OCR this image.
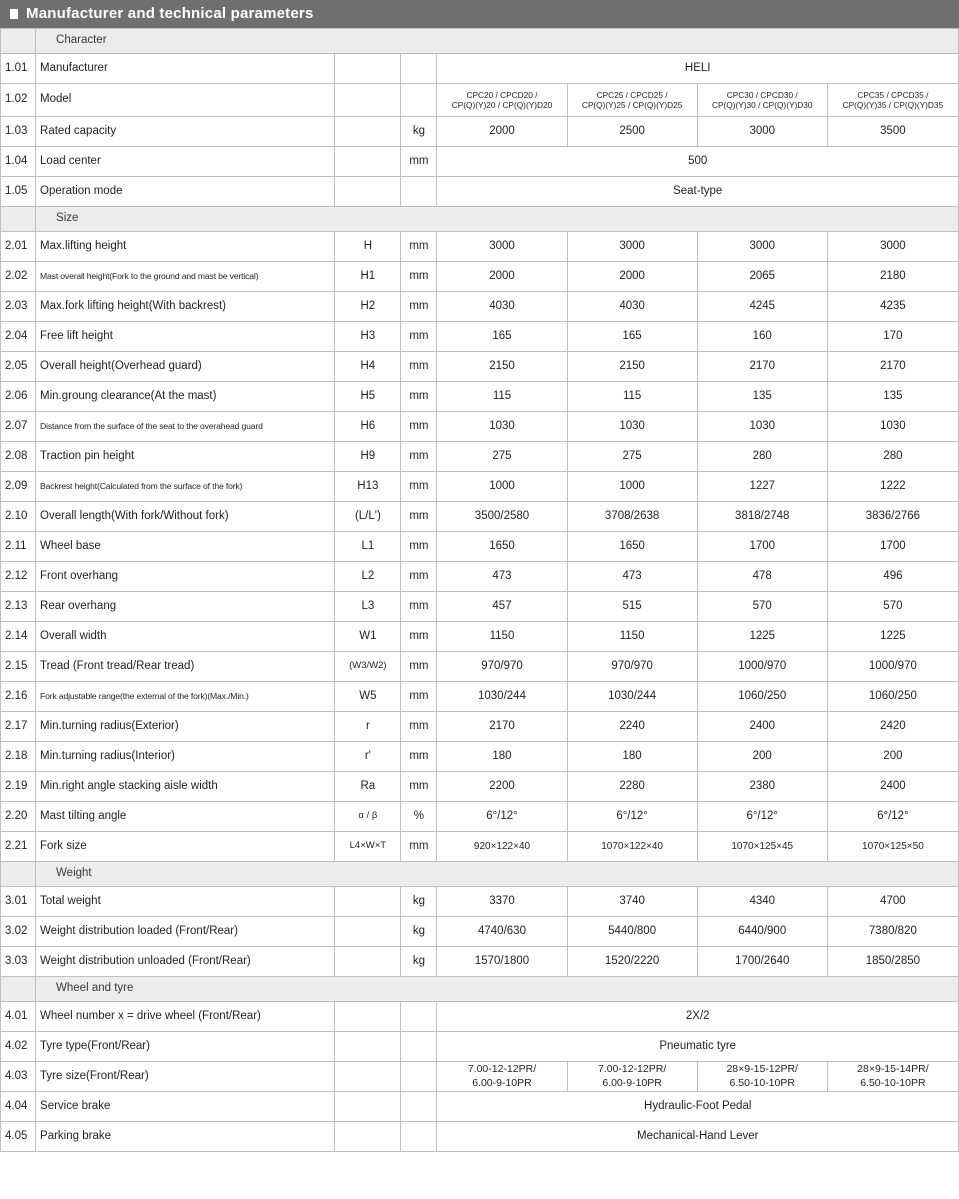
Manufacturer and technical parameters
	Character						
1.01	Manufacturer			HELI			
1.02	Model			CPC20 / CPCD20 /
CP(Q)(Y)20 / CP(Q)(Y)D20	CPC25 / CPCD25 /
CP(Q)(Y)25 / CP(Q)(Y)D25	CPC30 / CPCD30 /
CP(Q)(Y)30 / CP(Q)(Y)D30	CPC35 / CPCD35 /
CP(Q)(Y)35 / CP(Q)(Y)D35
1.03	Rated capacity		kg	2000	2500	3000	3500
1.04	Load center		mm	500			
1.05	Operation mode			Seat-type			
	Size						
2.01	Max.lifting height	H	mm	3000	3000	3000	3000
2.02	Mast overall height(Fork to the ground and mast be vertical)	H1	mm	2000	2000	2065	2180
2.03	Max.fork lifting height(With backrest)	H2	mm	4030	4030	4245	4235
2.04	Free lift height	H3	mm	165	165	160	170
2.05	Overall height(Overhead guard)	H4	mm	2150	2150	2170	2170
2.06	Min.groung clearance(At the mast)	H5	mm	115	115	135	135
2.07	Distance from the surface of the seat to the overahead guard	H6	mm	1030	1030	1030	1030
2.08	Traction pin height	H9	mm	275	275	280	280
2.09	Backrest height(Calculated from the surface of the fork)	H13	mm	1000	1000	1227	1222
2.10	Overall length(With fork/Without fork)	(L/L')	mm	3500/2580	3708/2638	3818/2748	3836/2766
2.11	Wheel base	L1	mm	1650	1650	1700	1700
2.12	Front overhang	L2	mm	473	473	478	496
2.13	Rear overhang	L3	mm	457	515	570	570
2.14	Overall width	W1	mm	1150	1150	1225	1225
2.15	Tread (Front tread/Rear tread)	(W3/W2)	mm	970/970	970/970	1000/970	1000/970
2.16	Fork adjustable range(the external of the fork)(Max./Min.)	W5	mm	1030/244	1030/244	1060/250	1060/250
2.17	Min.turning radius(Exterior)	r	mm	2170	2240	2400	2420
2.18	Min.turning radius(Interior)	r'	mm	180	180	200	200
2.19	Min.right angle stacking aisle width	Ra	mm	2200	2280	2380	2400
2.20	Mast tilting angle	α / β	%	6°/12°	6°/12°	6°/12°	6°/12°
2.21	Fork size	L4×W×T	mm	920×122×40	1070×122×40	1070×125×45	1070×125×50
	Weight						
3.01	Total weight		kg	3370	3740	4340	4700
3.02	Weight distribution loaded (Front/Rear)		kg	4740/630	5440/800	6440/900	7380/820
3.03	Weight distribution unloaded (Front/Rear)		kg	1570/1800	1520/2220	1700/2640	1850/2850
	Wheel and tyre						
4.01	Wheel number x = drive wheel (Front/Rear)			2X/2			
4.02	Tyre type(Front/Rear)			Pneumatic tyre			
4.03	Tyre size(Front/Rear)			7.00-12-12PR/
6.00-9-10PR	7.00-12-12PR/
6.00-9-10PR	28×9-15-12PR/
6.50-10-10PR	28×9-15-14PR/
6.50-10-10PR
4.04	Service brake			Hydraulic-Foot Pedal			
4.05	Parking brake			Mechanical-Hand Lever			
